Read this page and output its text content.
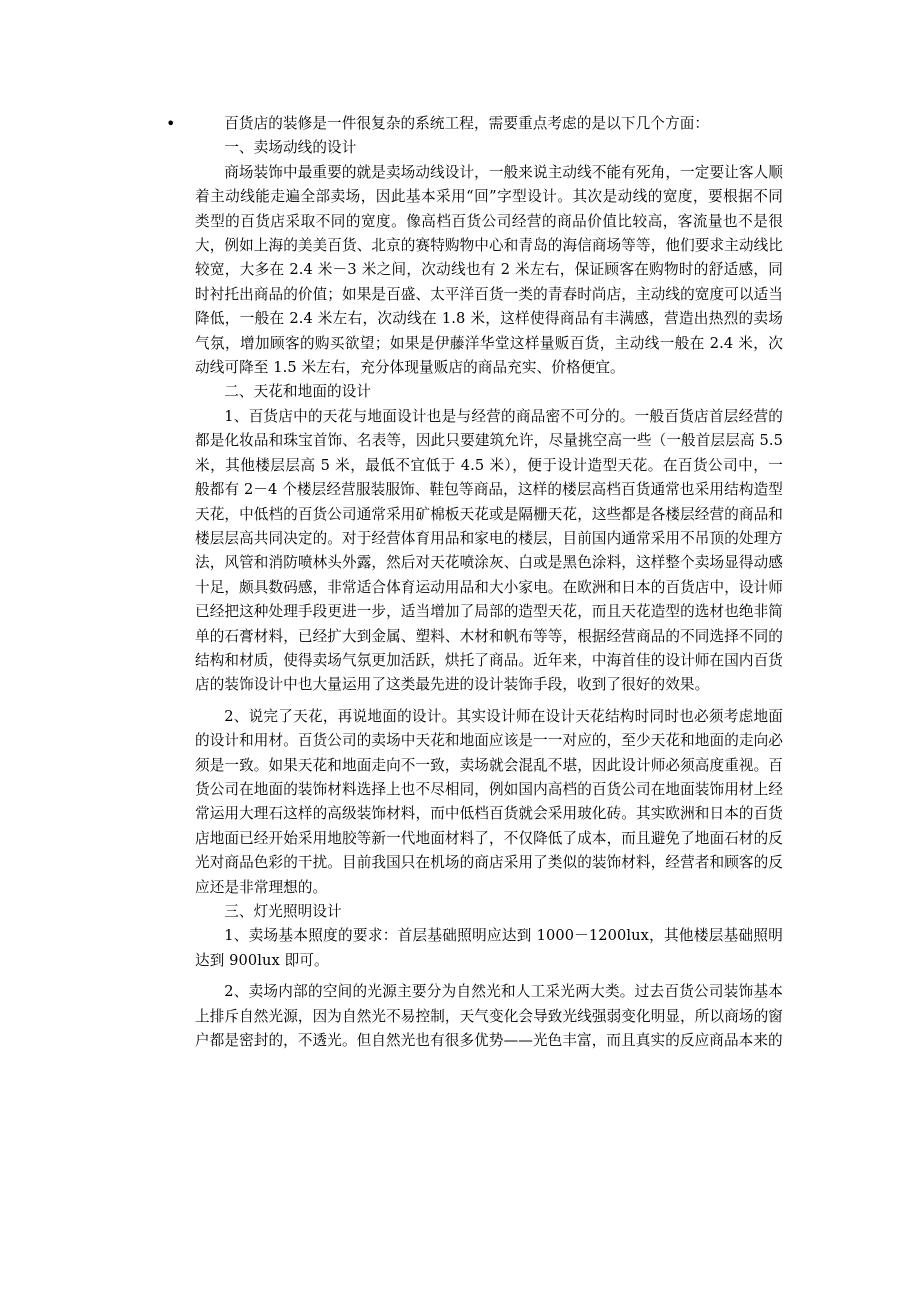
•	百货店的装修是一件很复杂的系统工程，需要重点考虑的是以下几个方面：

一、卖场动线的设计

商场装饰中最重要的就是卖场动线设计，一般来说主动线不能有死角，一定要让客人顺着主动线能走遍全部卖场，因此基本采用“回”字型设计。其次是动线的宽度，要根据不同类型的百货店采取不同的宽度。像高档百货公司经营的商品价值比较高，客流量也不是很大，例如上海的美美百货、北京的赛特购物中心和青岛的海信商场等等，他们要求主动线比较宽，大多在 2.4 米－3 米之间，次动线也有 2 米左右，保证顾客在购物时的舒适感，同时衬托出商品的价值；如果是百盛、太平洋百货一类的青春时尚店，主动线的宽度可以适当降低，一般在 2.4 米左右，次动线在 1.8 米，这样使得商品有丰满感，营造出热烈的卖场气氛，增加顾客的购买欲望；如果是伊藤洋华堂这样量贩百货，主动线一般在 2.4 米，次动线可降至 1.5 米左右，充分体现量贩店的商品充实、价格便宜。

二、天花和地面的设计

1、百货店中的天花与地面设计也是与经营的商品密不可分的。一般百货店首层经营的都是化妆品和珠宝首饰、名表等，因此只要建筑允许，尽量挑空高一些（一般首层层高 5.5 米，其他楼层层高 5 米，最低不宜低于 4.5 米），便于设计造型天花。在百货公司中，一般都有 2－4 个楼层经营服装服饰、鞋包等商品，这样的楼层高档百货通常也采用结构造型天花，中低档的百货公司通常采用矿棉板天花或是隔栅天花，这些都是各楼层经营的商品和楼层层高共同决定的。对于经营体育用品和家电的楼层，目前国内通常采用不吊顶的处理方法，风管和消防喷林头外露，然后对天花喷涂灰、白或是黑色涂料，这样整个卖场显得动感十足，颇具数码感，非常适合体育运动用品和大小家电。在欧洲和日本的百货店中，设计师已经把这种处理手段更进一步，适当增加了局部的造型天花，而且天花造型的选材也绝非简单的石膏材料，已经扩大到金属、塑料、木材和帆布等等，根据经营商品的不同选择不同的结构和材质，使得卖场气氛更加活跃，烘托了商品。近年来，中海首佳的设计师在国内百货店的装饰设计中也大量运用了这类最先进的设计装饰手段，收到了很好的效果。

2、说完了天花，再说地面的设计。其实设计师在设计天花结构时同时也必须考虑地面的设计和用材。百货公司的卖场中天花和地面应该是一一对应的，至少天花和地面的走向必须是一致。如果天花和地面走向不一致，卖场就会混乱不堪，因此设计师必须高度重视。百货公司在地面的装饰材料选择上也不尽相同，例如国内高档的百货公司在地面装饰用材上经常运用大理石这样的高级装饰材料，而中低档百货就会采用玻化砖。其实欧洲和日本的百货店地面已经开始采用地胶等新一代地面材料了，不仅降低了成本，而且避免了地面石材的反光对商品色彩的干扰。目前我国只在机场的商店采用了类似的装饰材料，经营者和顾客的反应还是非常理想的。

三、灯光照明设计

1、卖场基本照度的要求：首层基础照明应达到 1000－1200lux，其他楼层基础照明达到 900lux 即可。

2、卖场内部的空间的光源主要分为自然光和人工采光两大类。过去百货公司装饰基本上排斥自然光源，因为自然光不易控制，天气变化会导致光线强弱变化明显，所以商场的窗户都是密封的，不透光。但自然光也有很多优势——光色丰富，而且真实的反应商品本来的
